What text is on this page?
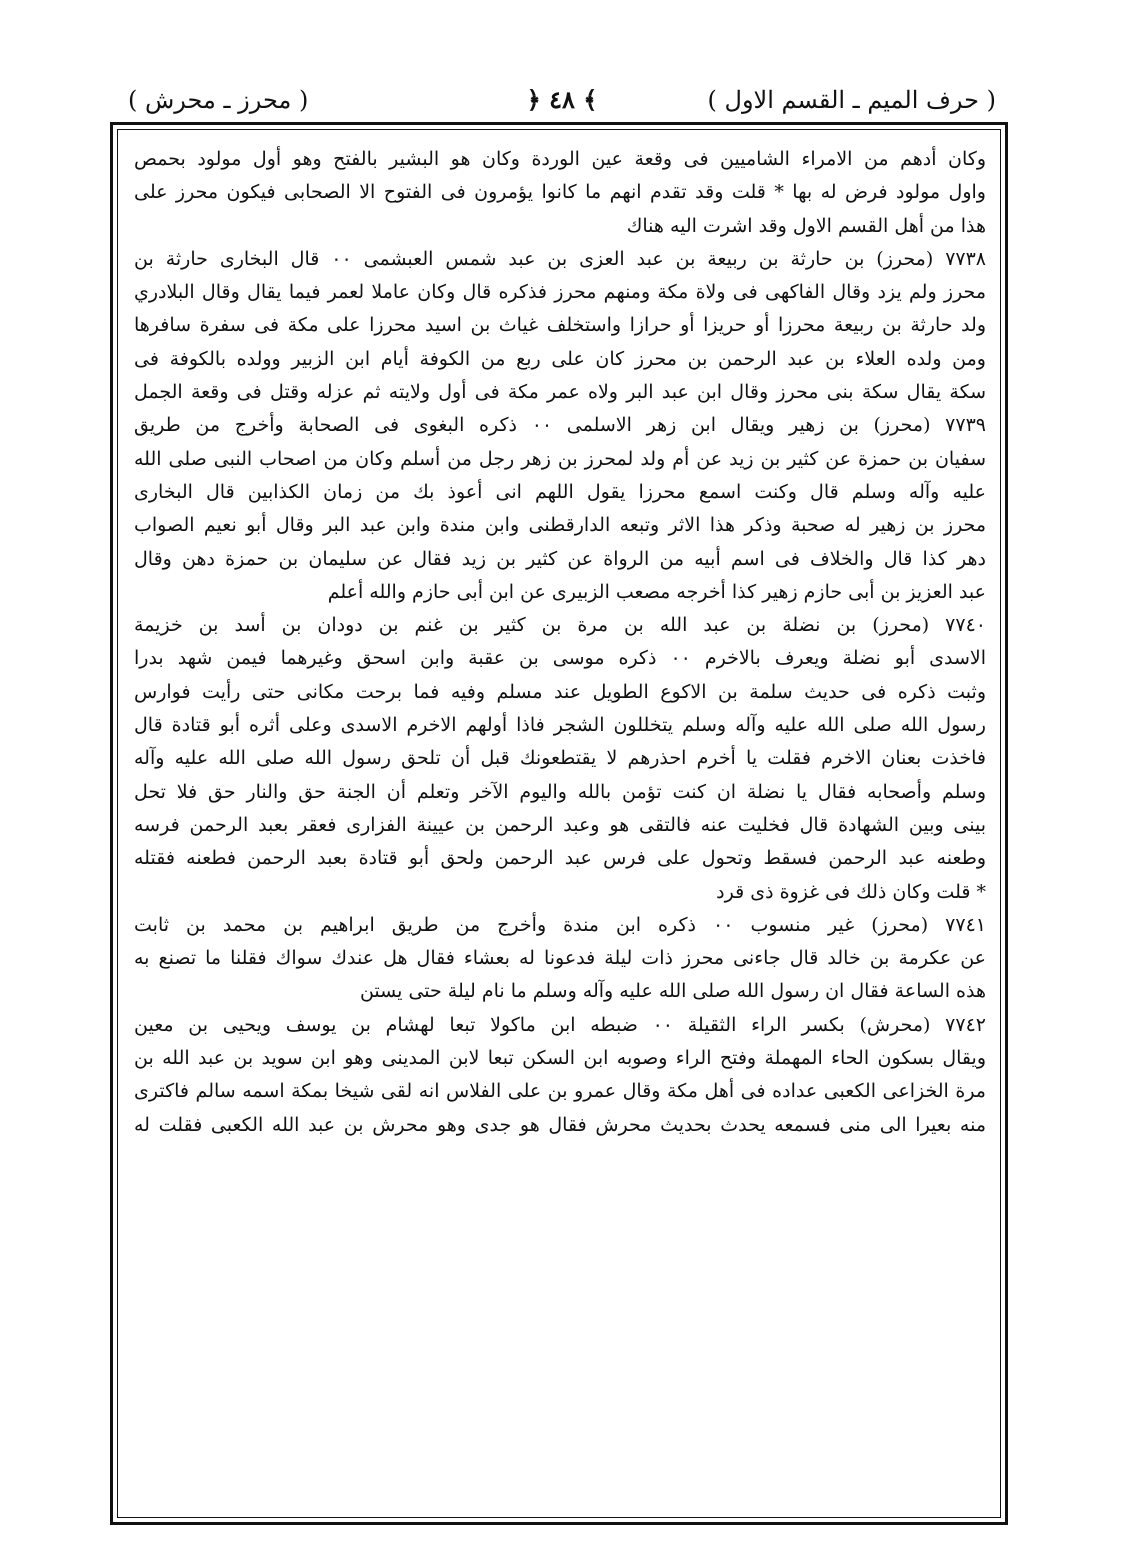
( حرف الميم ـ القسم الاول )
﴿ ٤٨ ﴾
( محرز ـ محرش )
وكان أدهم من الامراء الشاميين فى وقعة عين الوردة وكان هو البشير بالفتح وهو أول مولود بحمص
واول مولود فرض له بها * قلت وقد تقدم انهم ما كانوا يؤمرون فى الفتوح الا الصحابى فيكون محرز على
هذا من أهل القسم الاول وقد اشرت اليه هناك
٧٧٣٨ (محرز) بن حارثة بن ربيعة بن عبد العزى بن عبد شمس العبشمى ٠٠ قال البخارى حارثة بن
محرز ولم يزد وقال الفاكهى فى ولاة مكة ومنهم محرز فذكره قال وكان عاملا لعمر فيما يقال وقال البلادري
ولد حارثة بن ربيعة محرزا أو حريزا أو حرازا واستخلف غياث بن اسيد محرزا على مكة فى سفرة سافرها
ومن ولده العلاء بن عبد الرحمن بن محرز كان على ربع من الكوفة أيام ابن الزبير وولده بالكوفة فى
سكة يقال سكة بنى محرز وقال ابن عبد البر ولاه عمر مكة فى أول ولايته ثم عزله وقتل فى وقعة الجمل
٧٧٣٩ (محرز) بن زهير ويقال ابن زهر الاسلمى ٠٠ ذكره البغوى فى الصحابة وأخرج من طريق
سفيان بن حمزة عن كثير بن زيد عن أم ولد لمحرز بن زهر رجل من أسلم وكان من اصحاب النبى صلى الله
عليه وآله وسلم قال وكنت اسمع محرزا يقول اللهم انى أعوذ بك من زمان الكذابين قال البخارى
محرز بن زهير له صحبة وذكر هذا الاثر وتبعه الدارقطنى وابن مندة وابن عبد البر وقال أبو نعيم الصواب
دهر كذا قال والخلاف فى اسم أبيه من الرواة عن كثير بن زيد فقال عن سليمان بن حمزة دهن وقال
عبد العزيز بن أبى حازم زهير كذا أخرجه مصعب الزبيرى عن ابن أبى حازم والله أعلم
٧٧٤٠ (محرز) بن نضلة بن عبد الله بن مرة بن كثير بن غنم بن دودان بن أسد بن خزيمة
الاسدى أبو نضلة ويعرف بالاخرم ٠٠ ذكره موسى بن عقبة وابن اسحق وغيرهما فيمن شهد بدرا
وثبت ذكره فى حديث سلمة بن الاكوع الطويل عند مسلم وفيه فما برحت مكانى حتى رأيت فوارس
رسول الله صلى الله عليه وآله وسلم يتخللون الشجر فاذا أولهم الاخرم الاسدى وعلى أثره أبو قتادة قال
فاخذت بعنان الاخرم فقلت يا أخرم احذرهم لا يقتطعونك قبل أن تلحق رسول الله صلى الله عليه وآله
وسلم وأصحابه فقال يا نضلة ان كنت تؤمن بالله واليوم الآخر وتعلم أن الجنة حق والنار حق فلا تحل
بينى وبين الشهادة قال فخليت عنه فالتقى هو وعبد الرحمن بن عيينة الفزارى فعقر بعبد الرحمن فرسه
وطعنه عبد الرحمن فسقط وتحول على فرس عبد الرحمن ولحق أبو قتادة بعبد الرحمن فطعنه فقتله
* قلت وكان ذلك فى غزوة ذى قرد
٧٧٤١ (محرز) غير منسوب ٠٠ ذكره ابن مندة وأخرج من طريق ابراهيم بن محمد بن ثابت
عن عكرمة بن خالد قال جاءنى محرز ذات ليلة فدعونا له بعشاء فقال هل عندك سواك فقلنا ما تصنع به
هذه الساعة فقال ان رسول الله صلى الله عليه وآله وسلم ما نام ليلة حتى يستن
٧٧٤٢ (محرش) بكسر الراء الثقيلة ٠٠ ضبطه ابن ماكولا تبعا لهشام بن يوسف ويحيى بن معين
ويقال بسكون الحاء المهملة وفتح الراء وصوبه ابن السكن تبعا لابن المدينى وهو ابن سويد بن عبد الله بن
مرة الخزاعى الكعبى عداده فى أهل مكة وقال عمرو بن على الفلاس انه لقى شيخا بمكة اسمه سالم فاكترى
منه بعيرا الى منى فسمعه يحدث بحديث محرش فقال هو جدى وهو محرش بن عبد الله الكعبى فقلت له
